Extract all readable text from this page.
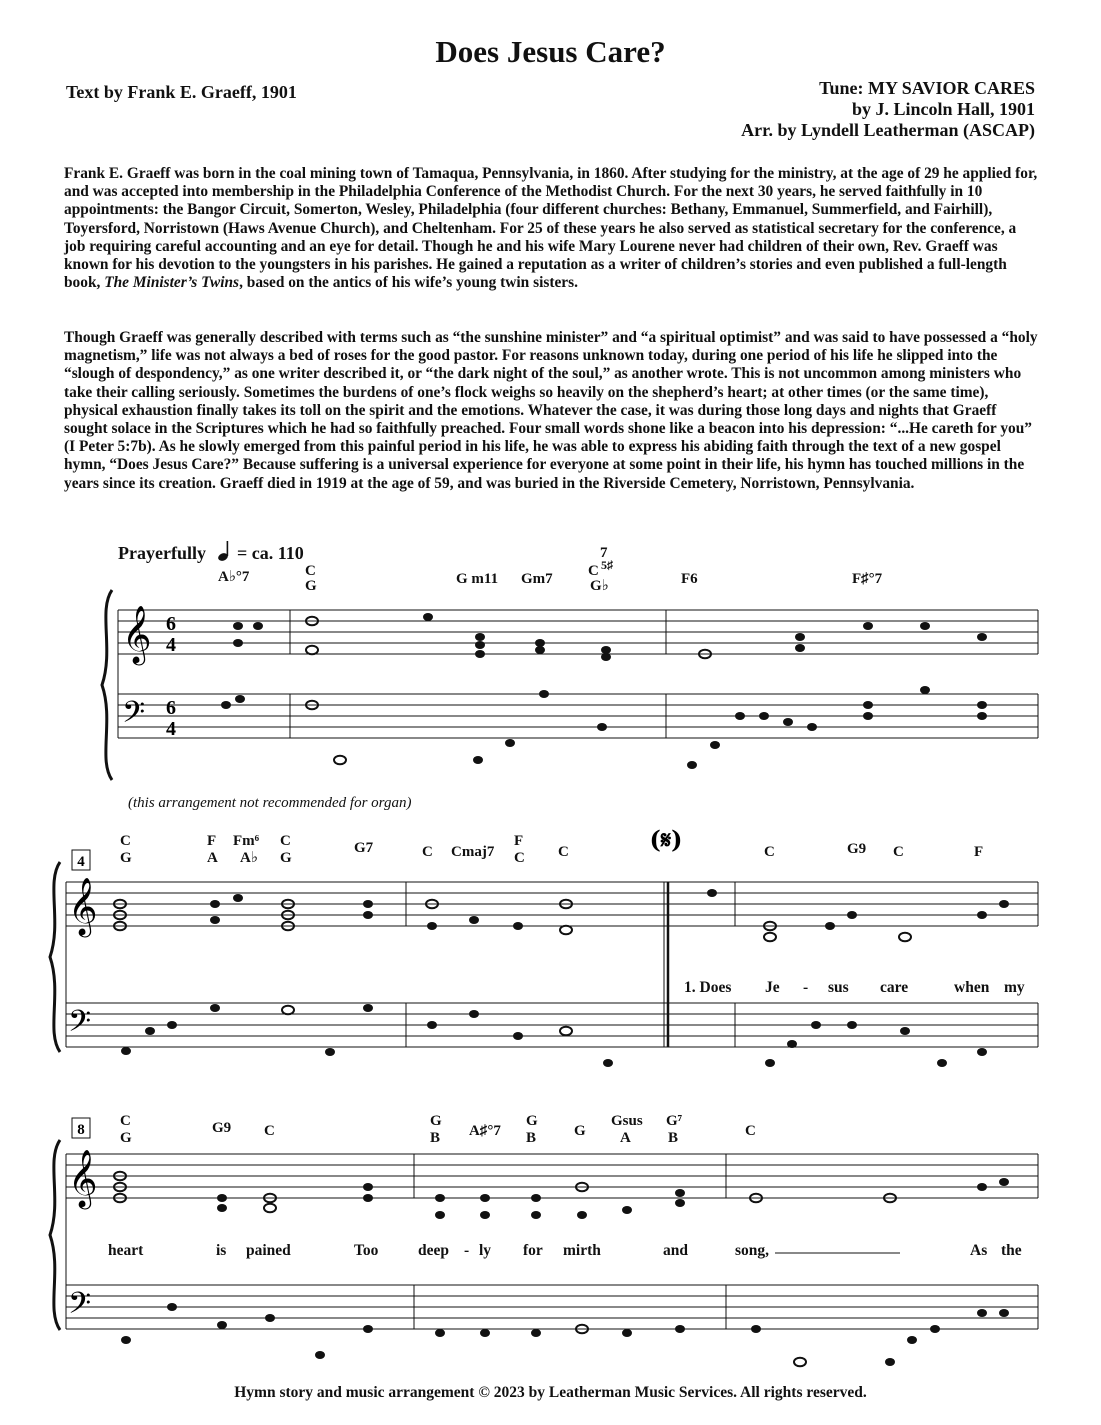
Does Jesus Care?
Text by Frank E. Graeff, 1901	Tune: MY SAVIOR CARES
by J. Lincoln Hall, 1901
Arr. by Lyndell Leatherman (ASCAP)

Frank E. Graeff was born in the coal mining town of Tamaqua, Pennsylvania, in 1860. After studying for the ministry, at the age of 29 he applied for, and was accepted into membership in the Philadelphia Conference of the Methodist Church. For the next 30 years, he served faithfully in 10 appointments: the Bangor Circuit, Somerton, Wesley, Philadelphia (four different churches: Bethany, Emmanuel, Summerfield, and Fairhill), Toyersford, Norristown (Haws Avenue Church), and Cheltenham. For 25 of these years he also served as statistical secretary for the conference, a job requiring careful accounting and an eye for detail. Though he and his wife Mary Lourene never had children of their own, Rev. Graeff was known for his devotion to the youngsters in his parishes. He gained a reputation as a writer of children’s stories and even published a full-length book, The Minister’s Twins, based on the antics of his wife’s young twin sisters.

Though Graeff was generally described with terms such as “the sunshine minister” and “a spiritual optimist” and was said to have possessed a “holy magnetism,” life was not always a bed of roses for the good pastor. For reasons unknown today, during one period of his life he slipped into the “slough of despondency,” as one writer described it, or “the dark night of the soul,” as another wrote. This is not uncommon among ministers who take their calling seriously. Sometimes the burdens of one’s flock weighs so heavily on the shepherd’s heart; at other times (or the same time), physical exhaustion finally takes its toll on the spirit and the emotions. Whatever the case, it was during those long days and nights that Graeff sought solace in the Scriptures which he had so faithfully preached. Four small words shone like a beacon into his depression: “...He careth for you” (I Peter 5:7b). As he slowly emerged from this painful period in his life, he was able to express his abiding faith through the text of a new gospel hymn, “Does Jesus Care?” Because suffering is a universal experience for everyone at some point in their life, his hymn has touched millions in the years since its creation. Graeff died in 1919 at the age of 59, and was buried in the Riverside Cemetery, Norristown, Pennsylvania.

Prayerfully = ca. 110
(this arrangement not recommended for organ)
𝄞
𝄢
6
4
6
4
4
𝄞
𝄢
(𝄋)
8
𝄞
𝄢
A♭°7	C
G	G m11 Gm7
7
C 5♯
G♭	F6	F♯°7
C
G
F
A
Fm⁶
A♭
C
G
G7	C Cmaj7
F
C C	C	G9 C	F
C
G
G9 C
G
B A♯°7
G
B	G
Gsus
A
G⁷
B	C
1. Does Je - sus care	when my
heart	is pained	Too	deep - ly for mirth	and	song,	As the
Hymn story and music arrangement © 2023 by Leatherman Music Services. All rights reserved.
